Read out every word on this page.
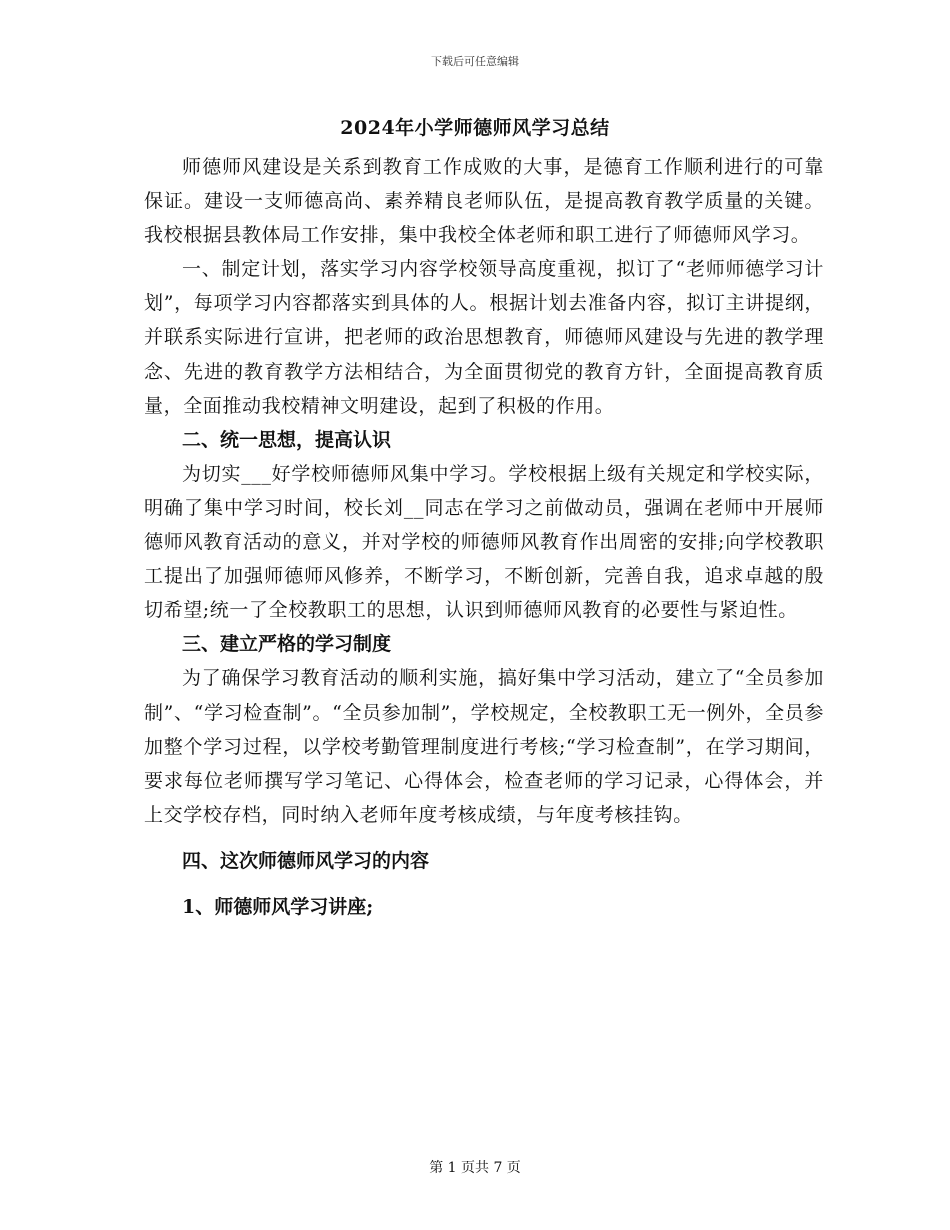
下载后可任意编辑
2024年小学师德师风学习总结

师德师风建设是关系到教育工作成败的大事，是德育工作顺利进行的可靠保证。建设一支师德高尚、素养精良老师队伍，是提高教育教学质量的关键。我校根据县教体局工作安排，集中我校全体老师和职工进行了师德师风学习。

一、制定计划，落实学习内容学校领导高度重视，拟订了“老师师德学习计划”，每项学习内容都落实到具体的人。根据计划去准备内容，拟订主讲提纲，并联系实际进行宣讲，把老师的政治思想教育，师德师风建设与先进的教学理念、先进的教育教学方法相结合，为全面贯彻党的教育方针，全面提高教育质量，全面推动我校精神文明建设，起到了积极的作用。

二、统一思想，提高认识

为切实___好学校师德师风集中学习。学校根据上级有关规定和学校实际，明确了集中学习时间，校长刘__同志在学习之前做动员，强调在老师中开展师德师风教育活动的意义，并对学校的师德师风教育作出周密的安排;向学校教职工提出了加强师德师风修养，不断学习，不断创新，完善自我，追求卓越的殷切希望;统一了全校教职工的思想，认识到师德师风教育的必要性与紧迫性。

三、建立严格的学习制度

为了确保学习教育活动的顺利实施，搞好集中学习活动，建立了“全员参加制”、“学习检查制”。“全员参加制”，学校规定，全校教职工无一例外，全员参加整个学习过程，以学校考勤管理制度进行考核;“学习检查制”，在学习期间，要求每位老师撰写学习笔记、心得体会，检查老师的学习记录，心得体会，并上交学校存档，同时纳入老师年度考核成绩，与年度考核挂钩。

四、这次师德师风学习的内容

1、师德师风学习讲座;

第 1 页共 7 页
